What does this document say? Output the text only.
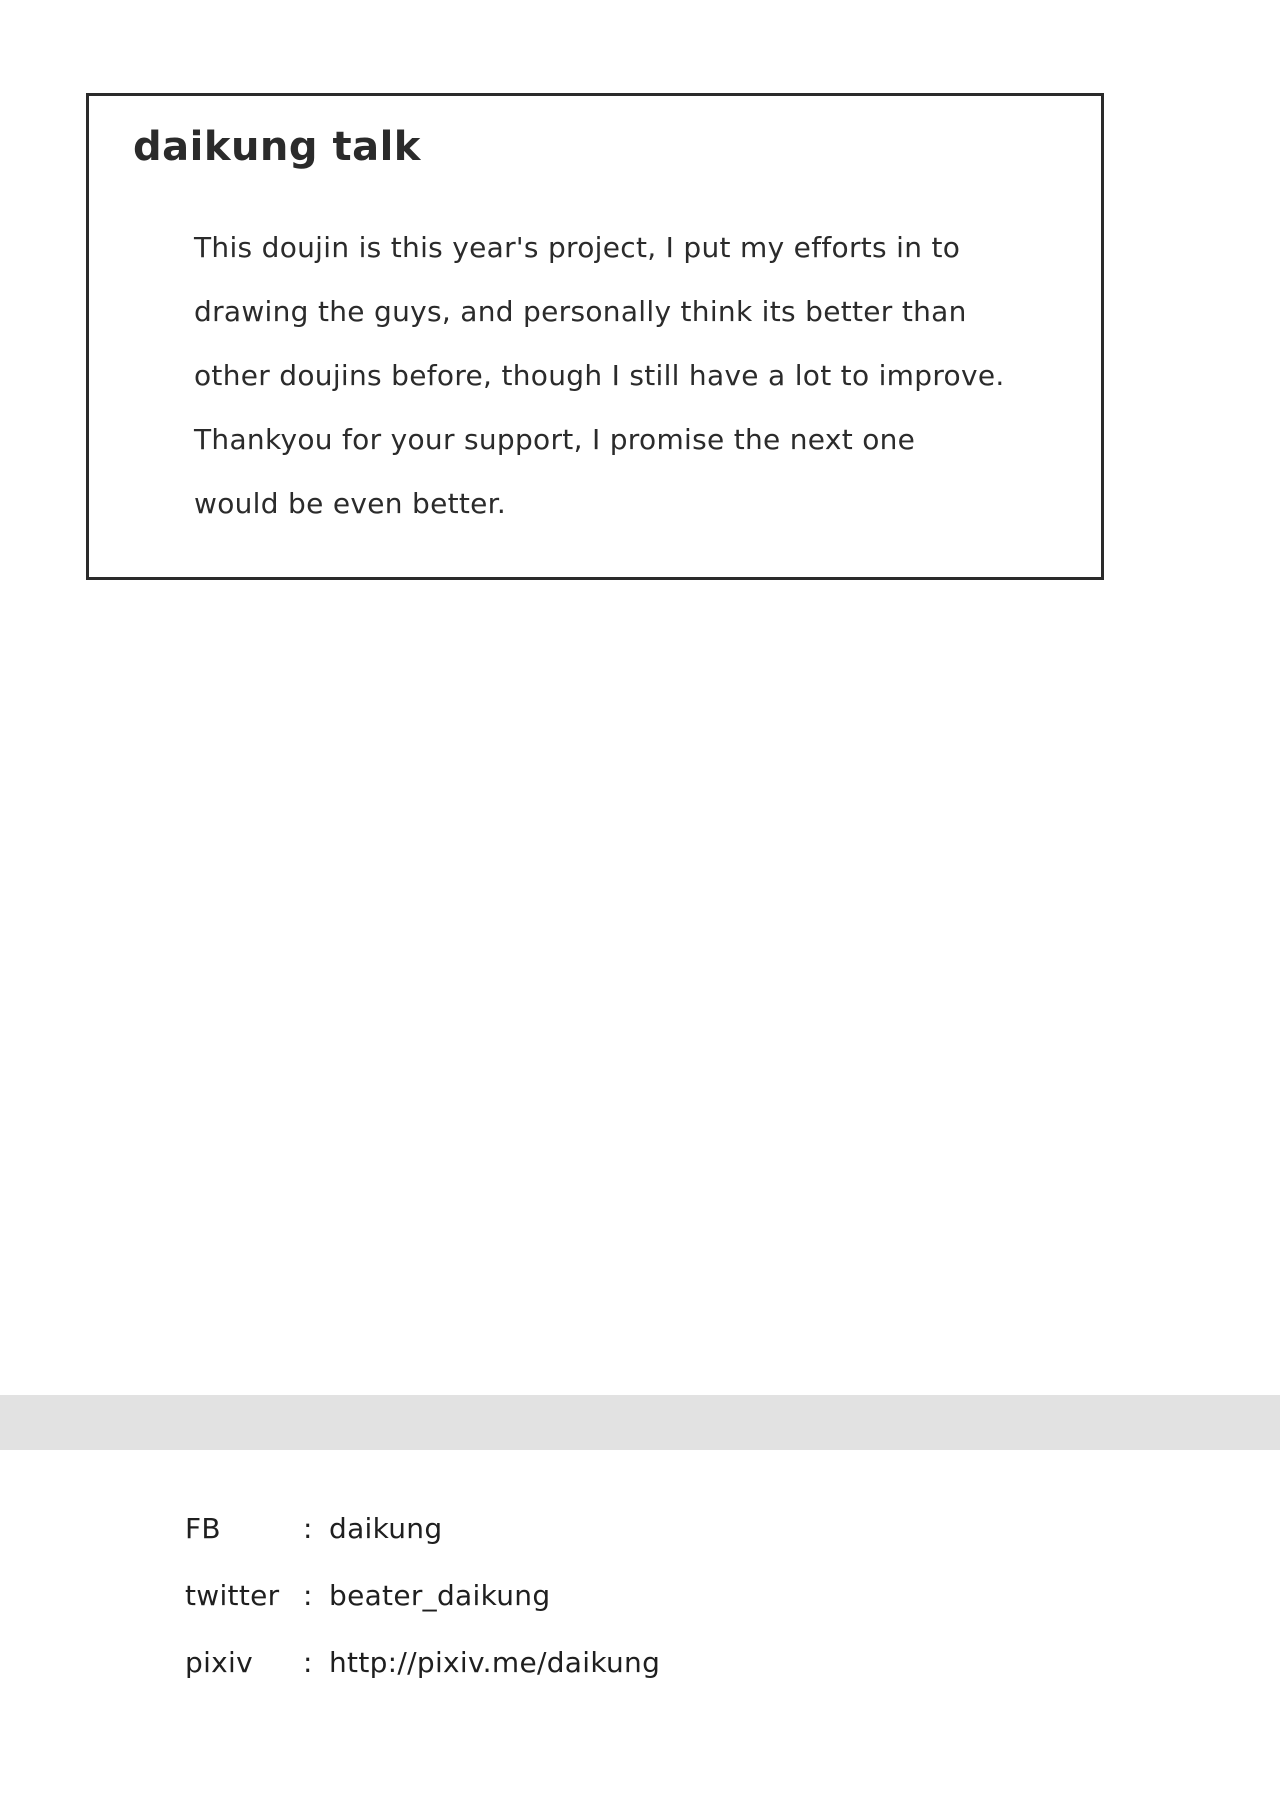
daikung talk

This doujin is this year's project, I put my efforts in to

drawing the guys, and personally think its better than

other doujins before, though I still have a lot to improve.

Thankyou for your support, I promise the next one

would be even better.

FB	: daikung
twitter : beater_daikung
pixiv	: http://pixiv.me/daikung
